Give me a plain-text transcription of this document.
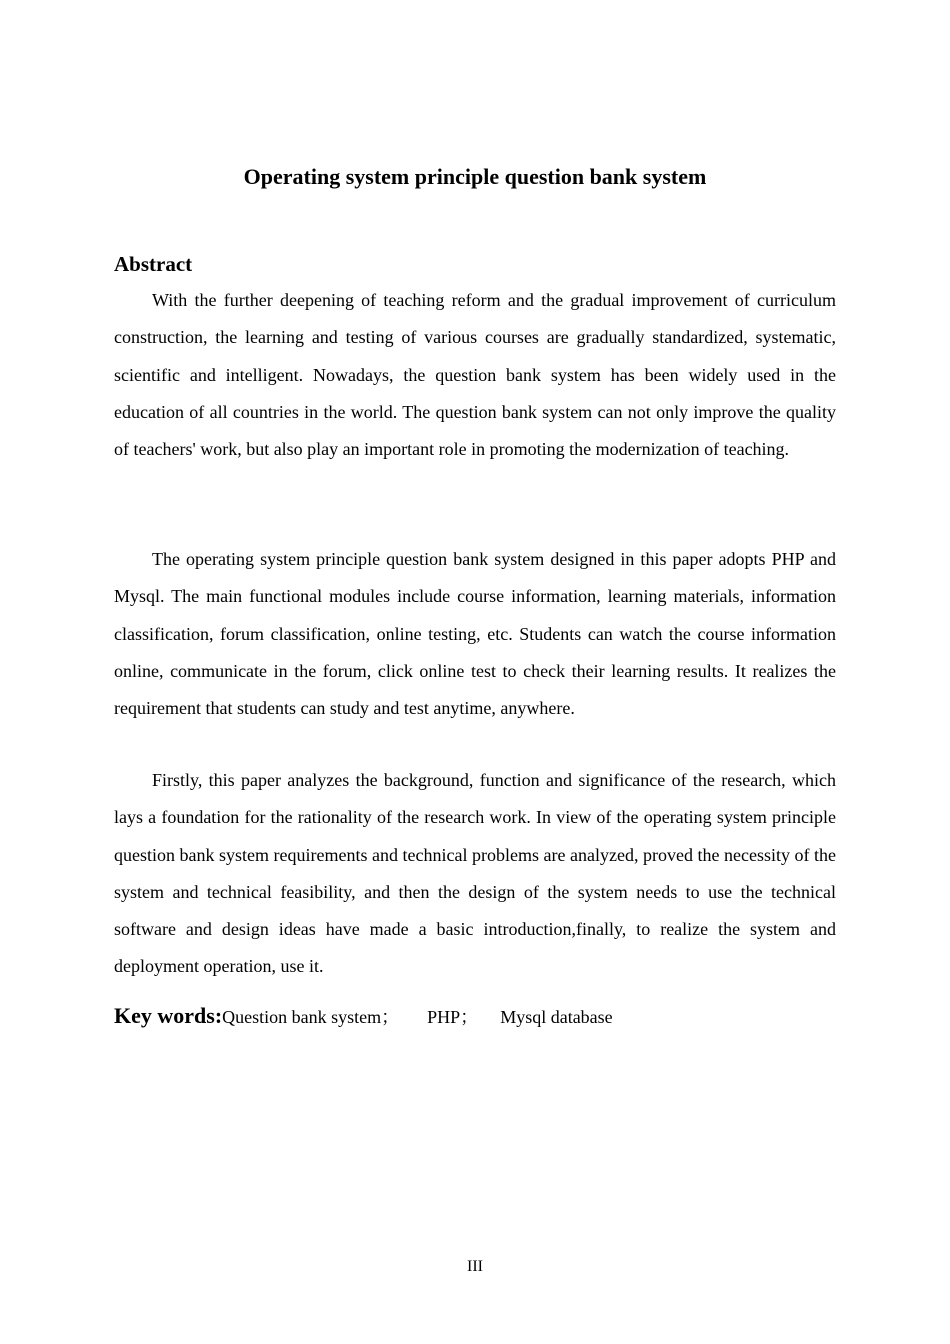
Operating system principle question bank system
Abstract

With the further deepening of teaching reform and the gradual improvement of curriculum construction, the learning and testing of various courses are gradually standardized, systematic, scientific and intelligent. Nowadays, the question bank system has been widely used in the education of all countries in the world. The question bank system can not only improve the quality of teachers' work, but also play an important role in promoting the modernization of teaching.

The operating system principle question bank system designed in this paper adopts PHP and Mysql. The main functional modules include course information, learning materials, information classification, forum classification, online testing, etc. Students can watch the course information online, communicate in the forum, click online test to check their learning results. It realizes the requirement that students can study and test anytime, anywhere.

Firstly, this paper analyzes the background, function and significance of the research, which lays a foundation for the rationality of the research work. In view of the operating system principle question bank system requirements and technical problems are analyzed, proved the necessity of the system and technical feasibility, and then the design of the system needs to use the technical software and design ideas have made a basic introduction,finally, to realize the system and deployment operation, use it.

Key words:Question bank system； PHP； Mysql database

III
